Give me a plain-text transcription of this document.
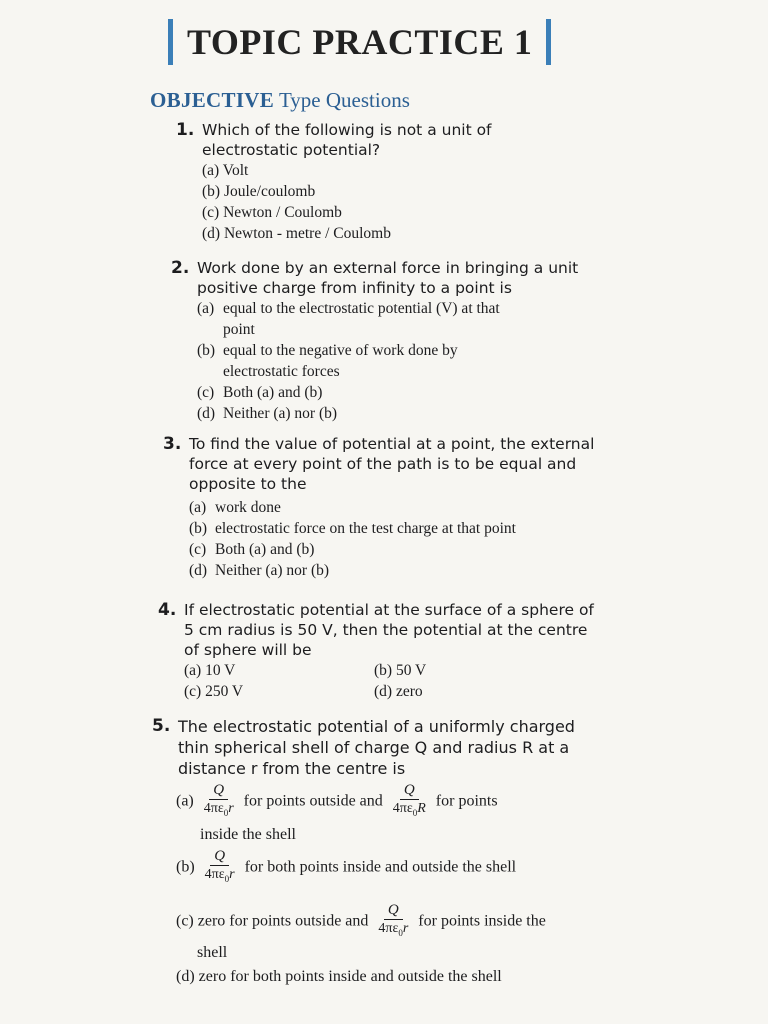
TOPIC PRACTICE 1
OBJECTIVE Type Questions
1. Which of the following is not a unit of electrostatic potential?
(a) Volt
(b) Joule/coulomb
(c) Newton / Coulomb
(d) Newton - metre / Coulomb
2. Work done by an external force in bringing a unit positive charge from infinity to a point is
(a) equal to the electrostatic potential (V) at that
point
(b) equal to the negative of work done by
electrostatic forces
(c) Both (a) and (b)
(d) Neither (a) nor (b)
3. To find the value of potential at a point, the external force at every point of the path is to be equal and opposite to the
(a) work done
(b) electrostatic force on the test charge at that point
(c) Both (a) and (b)
(d) Neither (a) nor (b)
4. If electrostatic potential at the surface of a sphere of 5 cm radius is 50 V, then the potential at the centre of sphere will be
(a) 10 V	(b) 50 V
(c) 250 V	(d) zero
5. The electrostatic potential of a uniformly charged thin spherical shell of charge Q and radius R at a distance r from the centre is
$(a) \frac{Q}{4\pi\varepsilon_0r}$ for points outside and $\frac{Q}{4\pi\varepsilon_0R}$ for points
inside the shell
$(b) \frac{Q}{4\pi\varepsilon_0r}$ for both points inside and outside the shell
(c) zero for points outside and $\frac{Q}{4\pi\varepsilon_0r}$ for points inside the
shell
(d) zero for both points inside and outside the shell
